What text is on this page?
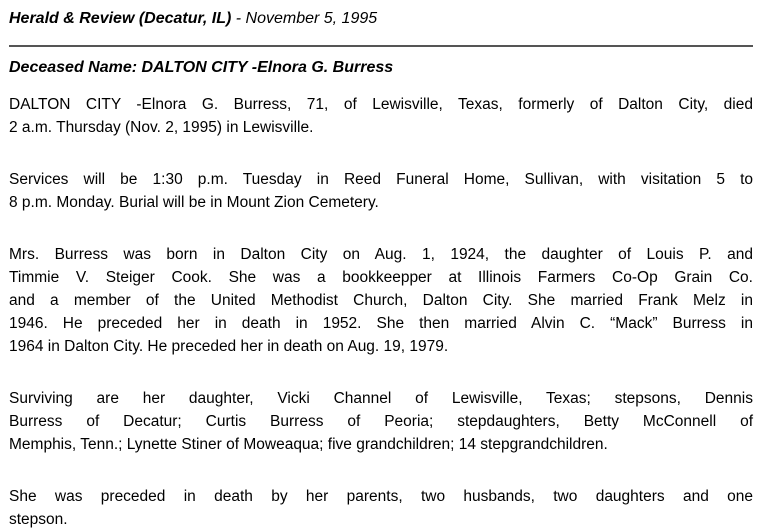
Herald & Review (Decatur, IL) - November 5, 1995
Deceased Name: DALTON CITY -Elnora G. Burress

DALTON CITY -Elnora G. Burress, 71, of Lewisville, Texas, formerly of Dalton City, died
2 a.m. Thursday (Nov. 2, 1995) in Lewisville.

Services will be 1:30 p.m. Tuesday in Reed Funeral Home, Sullivan, with visitation 5 to
8 p.m. Monday. Burial will be in Mount Zion Cemetery.

Mrs. Burress was born in Dalton City on Aug. 1, 1924, the daughter of Louis P. and
Timmie V. Steiger Cook. She was a bookkeepper at Illinois Farmers Co-Op Grain Co.
and a member of the United Methodist Church, Dalton City. She married Frank Melz in
1946. He preceded her in death in 1952. She then married Alvin C. “Mack” Burress in
1964 in Dalton City. He preceded her in death on Aug. 19, 1979.

Surviving are her daughter, Vicki Channel of Lewisville, Texas; stepsons, Dennis
Burress of Decatur; Curtis Burress of Peoria; stepdaughters, Betty McConnell of
Memphis, Tenn.; Lynette Stiner of Moweaqua; five grandchildren; 14 stepgrandchildren.

She was preceded in death by her parents, two husbands, two daughters and one
stepson.
